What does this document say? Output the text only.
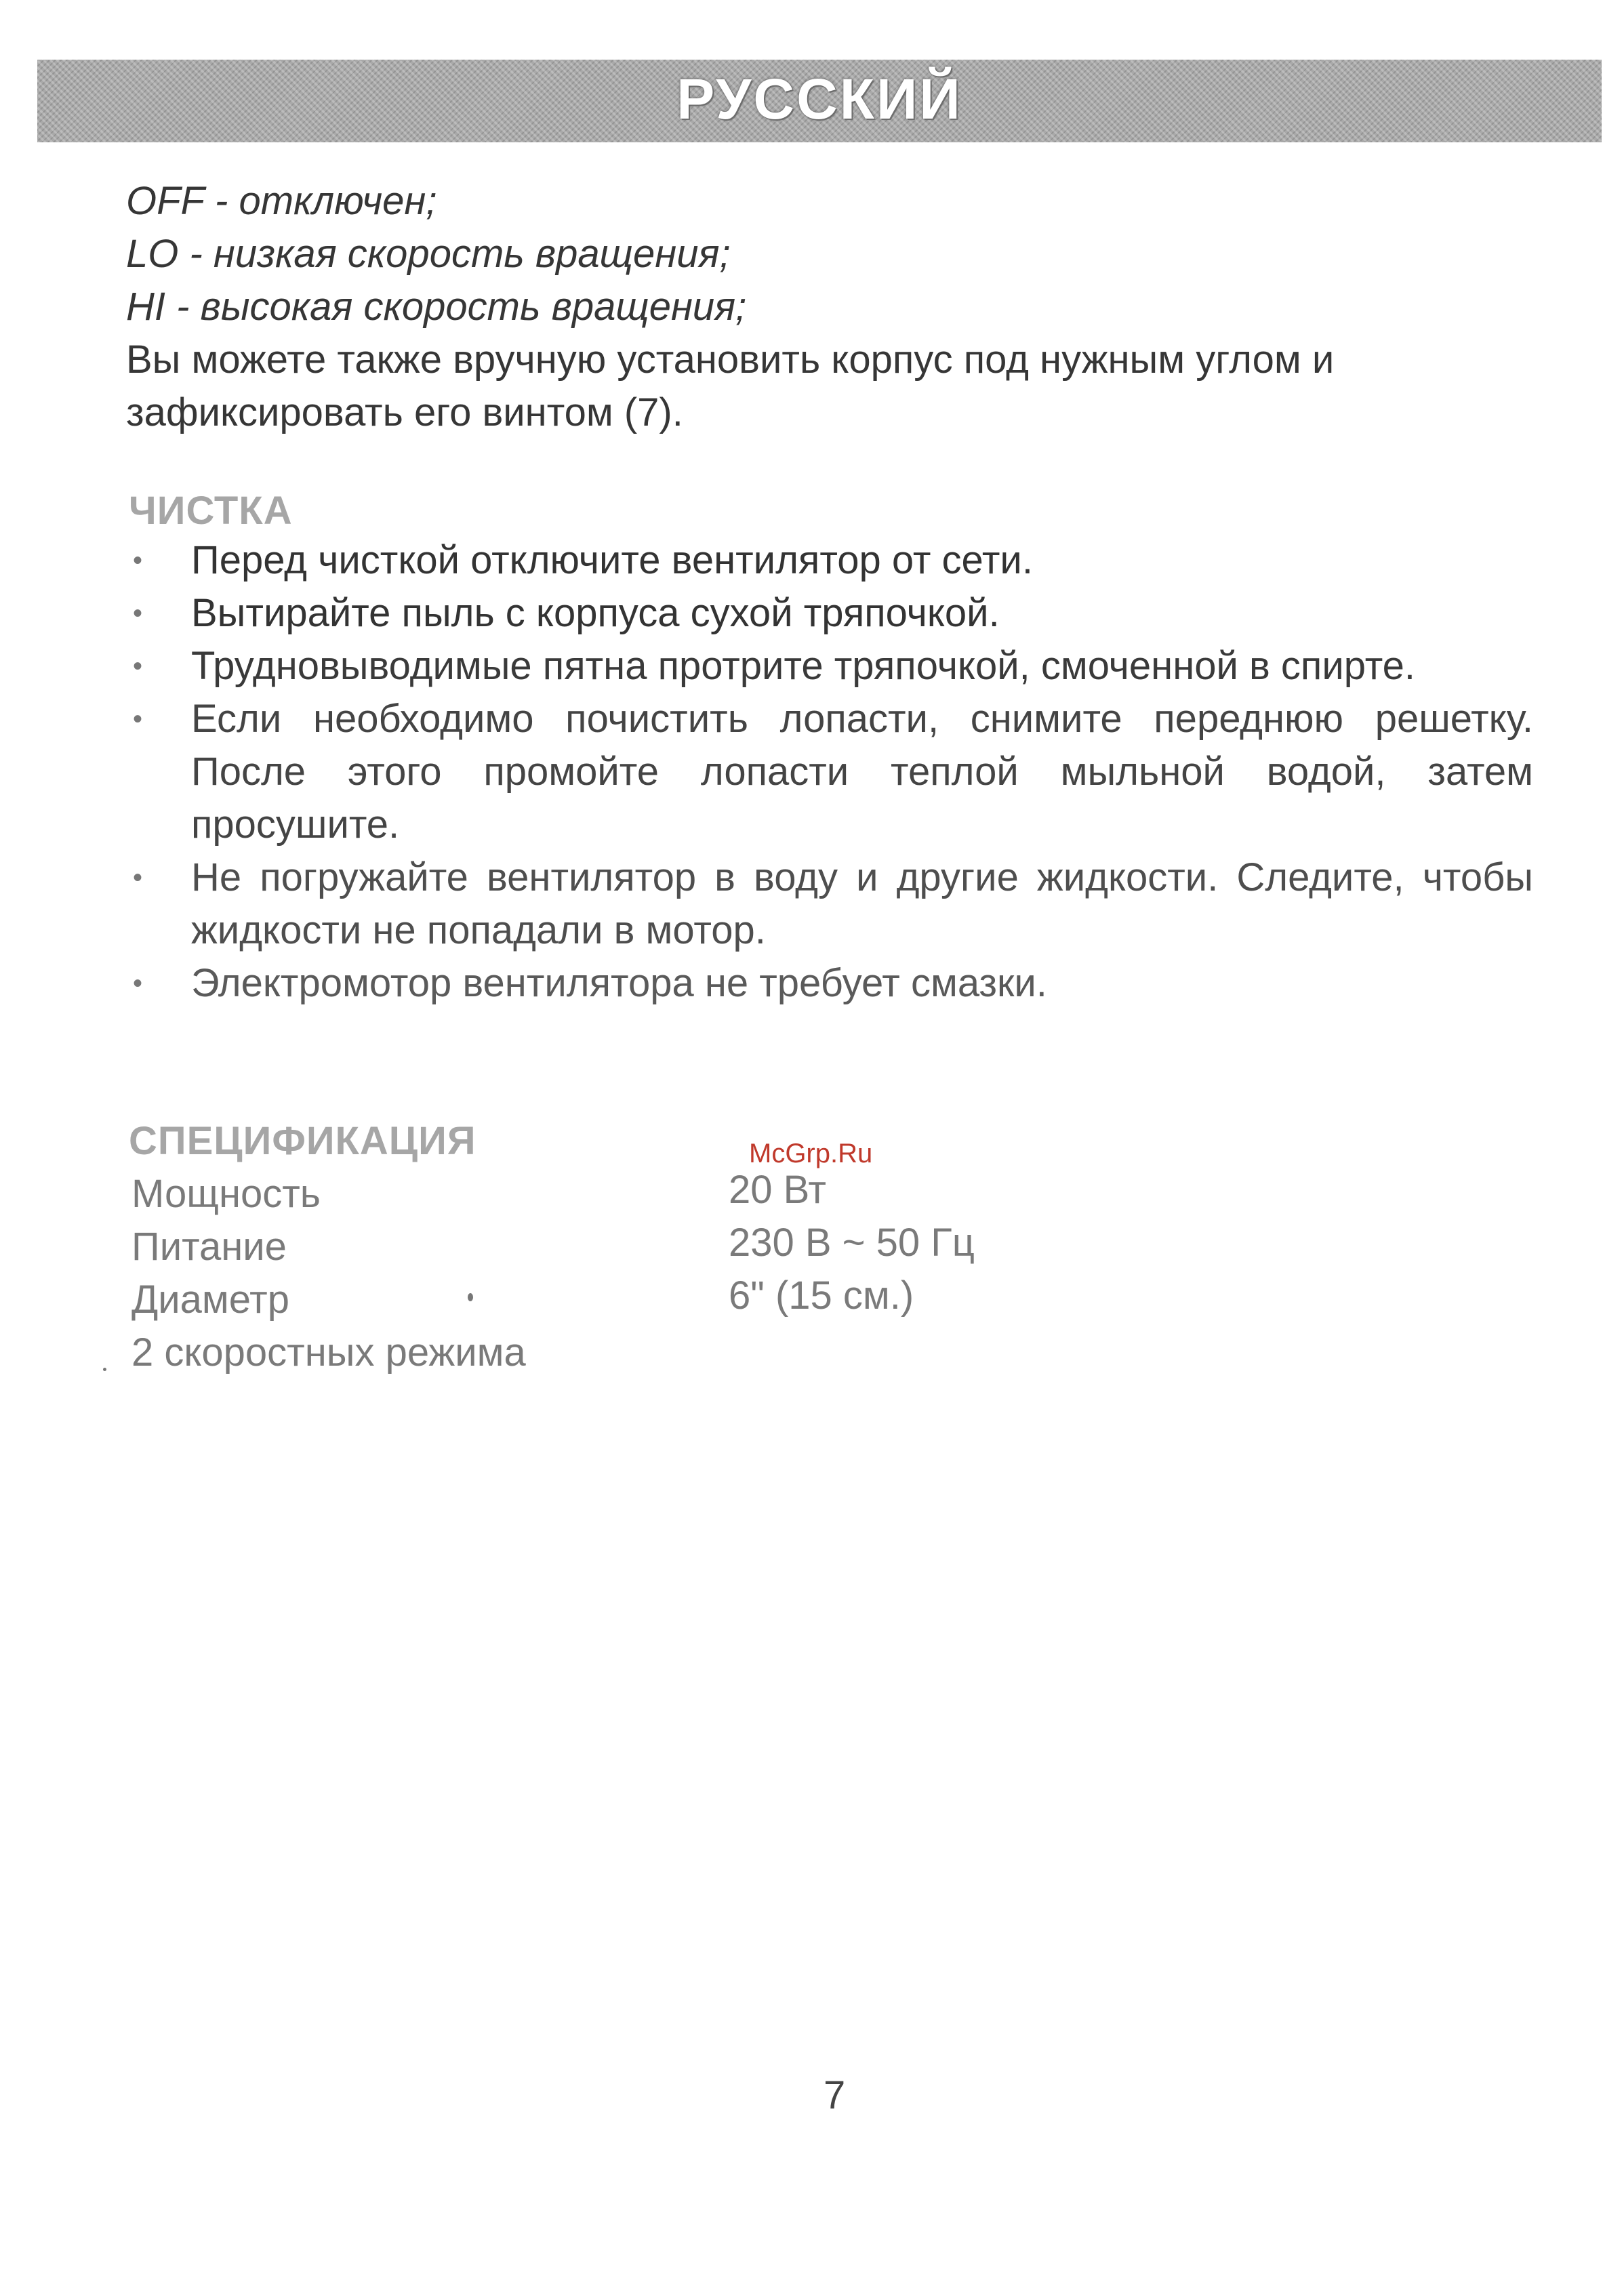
РУССКИЙ
OFF - отключен;
LO - низкая скорость вращения;
HI - высокая скорость вращения;
Вы можете также вручную установить корпус под нужным углом и
зафиксировать его винтом (7).
ЧИСТКА
• Перед чисткой отключите вентилятор от сети.
• Вытирайте пыль с корпуса сухой тряпочкой.
• Трудновыводимые пятна протрите тряпочкой, смоченной в спирте.
• Если необходимо почистить лопасти, снимите переднюю решетку. После этого промойте лопасти теплой мыльной водой, затем просушите.
• Не погружайте вентилятор в воду и другие жидкости. Следите, чтобы жидкости не попадали в мотор.
• Электромотор вентилятора не требует смазки.
СПЕЦИФИКАЦИЯ	McGrp.Ru
Мощность	20 Вт
Питание	230 В ~ 50 Гц
Диаметр	6" (15 см.)
2 скоростных режима
7
